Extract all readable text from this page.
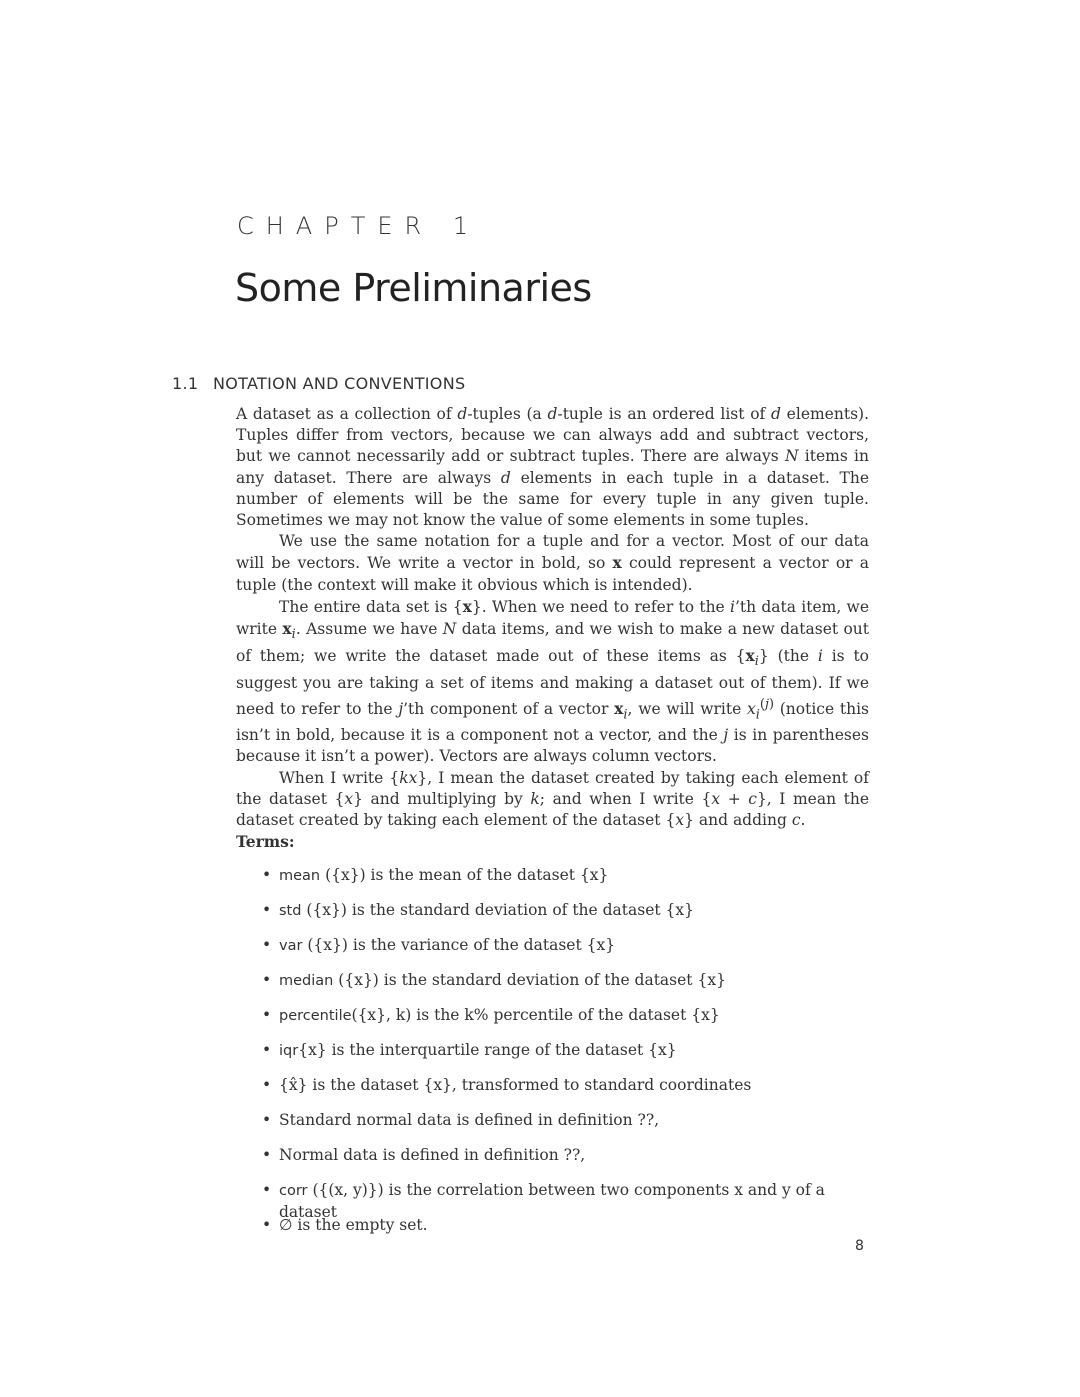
CHAPTER 1
Some Preliminaries
1.1 NOTATION AND CONVENTIONS

A dataset as a collection of d-tuples (a d-tuple is an ordered list of d elements). Tuples differ from vectors, because we can always add and subtract vectors, but we cannot necessarily add or subtract tuples. There are always N items in any dataset. There are always d elements in each tuple in a dataset. The number of elements will be the same for every tuple in any given tuple. Sometimes we may not know the value of some elements in some tuples.

We use the same notation for a tuple and for a vector. Most of our data will be vectors. We write a vector in bold, so x could represent a vector or a tuple (the context will make it obvious which is intended).

The entire data set is {x}. When we need to refer to the i’th data item, we write $x_i$. Assume we have N data items, and we wish to make a new dataset out of them; we write the dataset made out of these items as $\{x_i\}$ (the i is to suggest you are taking a set of items and making a dataset out of them). If we need to refer to the j’th component of a vector $x_i$, we will write $x_i^{(j)}$ (notice this isn’t in bold, because it is a component not a vector, and the j is in parentheses because it isn’t a power). Vectors are always column vectors.

When I write {kx}, I mean the dataset created by taking each element of the dataset {x} and multiplying by k; and when I write {x + c}, I mean the dataset created by taking each element of the dataset {x} and adding c.

Terms:

• mean ({x}) is the mean of the dataset {x}
• std ({x}) is the standard deviation of the dataset {x}
• var ({x}) is the variance of the dataset {x}
• median ({x}) is the standard deviation of the dataset {x}
• percentile({x}, k) is the k% percentile of the dataset {x}
• iqr{x} is the interquartile range of the dataset {x}
• {x̂} is the dataset {x}, transformed to standard coordinates
• Standard normal data is defined in definition ??,
• Normal data is defined in definition ??,
• corr ({(x, y)}) is the correlation between two components x and y of a dataset
• ∅ is the empty set.
8
